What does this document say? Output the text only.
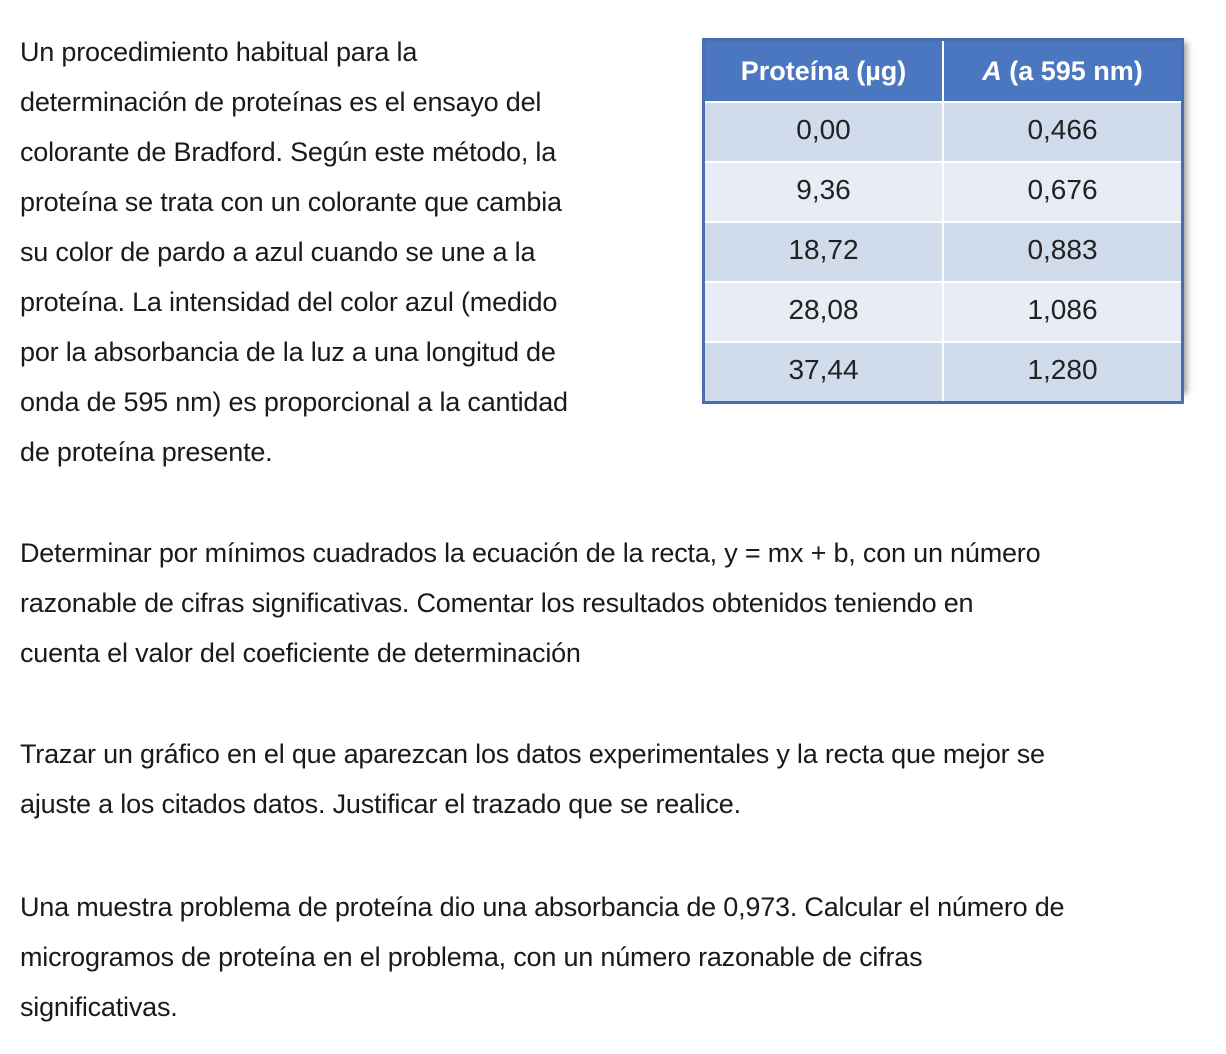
Un procedimiento habitual para la
determinación de proteínas es el ensayo del
colorante de Bradford. Según este método, la
proteína se trata con un colorante que cambia
su color de pardo a azul cuando se une a la
proteína. La intensidad del color azul (medido
por la absorbancia de la luz a una longitud de
onda de 595 nm) es proporcional a la cantidad
de proteína presente.
Proteína (µg)	A (a 595 nm)
0,00	0,466
9,36	0,676
18,72	0,883
28,08	1,086
37,44	1,280
Determinar por mínimos cuadrados la ecuación de la recta, y = mx + b, con un número
razonable de cifras significativas. Comentar los resultados obtenidos teniendo en
cuenta el valor del coeficiente de determinación
Trazar un gráfico en el que aparezcan los datos experimentales y la recta que mejor se
ajuste a los citados datos. Justificar el trazado que se realice.
Una muestra problema de proteína dio una absorbancia de 0,973. Calcular el número de
microgramos de proteína en el problema, con un número razonable de cifras
significativas.
